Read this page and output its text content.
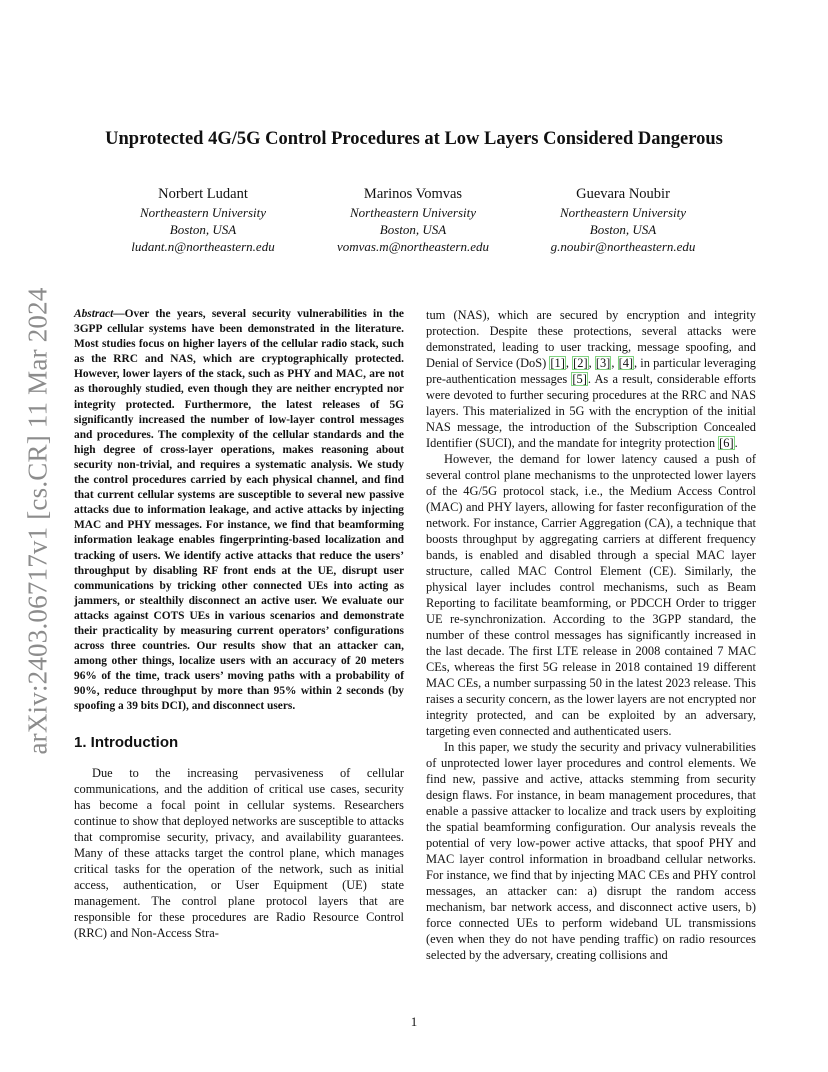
arXiv:2403.06717v1 [cs.CR] 11 Mar 2024
Unprotected 4G/5G Control Procedures at Low Layers Considered Dangerous
Norbert Ludant
Northeastern University
Boston, USA
ludant.n@northeastern.edu
Marinos Vomvas
Northeastern University
Boston, USA
vomvas.m@northeastern.edu
Guevara Noubir
Northeastern University
Boston, USA
g.noubir@northeastern.edu
Abstract—Over the years, several security vulnerabilities in the 3GPP cellular systems have been demonstrated in the literature. Most studies focus on higher layers of the cellular radio stack, such as the RRC and NAS, which are cryptographically protected. However, lower layers of the stack, such as PHY and MAC, are not as thoroughly studied, even though they are neither encrypted nor integrity protected. Furthermore, the latest releases of 5G significantly increased the number of low-layer control messages and procedures. The complexity of the cellular standards and the high degree of cross-layer operations, makes reasoning about security non-trivial, and requires a systematic analysis. We study the control procedures carried by each physical channel, and find that current cellular systems are susceptible to several new passive attacks due to information leakage, and active attacks by injecting MAC and PHY messages. For instance, we find that beamforming information leakage enables fingerprinting-based localization and tracking of users. We identify active attacks that reduce the users’ throughput by disabling RF front ends at the UE, disrupt user communications by tricking other connected UEs into acting as jammers, or stealthily disconnect an active user. We evaluate our attacks against COTS UEs in various scenarios and demonstrate their practicality by measuring current operators’ configurations across three countries. Our results show that an attacker can, among other things, localize users with an accuracy of 20 meters 96% of the time, track users’ moving paths with a probability of 90%, reduce throughput by more than 95% within 2 seconds (by spoofing a 39 bits DCI), and disconnect users.
1. Introduction

Due to the increasing pervasiveness of cellular communications, and the addition of critical use cases, security has become a focal point in cellular systems. Researchers continue to show that deployed networks are susceptible to attacks that compromise security, privacy, and availability guarantees. Many of these attacks target the control plane, which manages critical tasks for the operation of the network, such as initial access, authentication, or User Equipment (UE) state management. The control plane protocol layers that are responsible for these procedures are Radio Resource Control (RRC) and Non-Access Stra-

tum (NAS), which are secured by encryption and integrity protection. Despite these protections, several attacks were demonstrated, leading to user tracking, message spoofing, and Denial of Service (DoS) [1], [2], [3], [4], in particular leveraging pre-authentication messages [5]. As a result, considerable efforts were devoted to further securing procedures at the RRC and NAS layers. This materialized in 5G with the encryption of the initial NAS message, the introduction of the Subscription Concealed Identifier (SUCI), and the mandate for integrity protection [6].

However, the demand for lower latency caused a push of several control plane mechanisms to the unprotected lower layers of the 4G/5G protocol stack, i.e., the Medium Access Control (MAC) and PHY layers, allowing for faster reconfiguration of the network. For instance, Carrier Aggregation (CA), a technique that boosts throughput by aggregating carriers at different frequency bands, is enabled and disabled through a special MAC layer structure, called MAC Control Element (CE). Similarly, the physical layer includes control mechanisms, such as Beam Reporting to facilitate beamforming, or PDCCH Order to trigger UE re-synchronization. According to the 3GPP standard, the number of these control messages has significantly increased in the last decade. The first LTE release in 2008 contained 7 MAC CEs, whereas the first 5G release in 2018 contained 19 different MAC CEs, a number surpassing 50 in the latest 2023 release. This raises a security concern, as the lower layers are not encrypted nor integrity protected, and can be exploited by an adversary, targeting even connected and authenticated users.

In this paper, we study the security and privacy vulnerabilities of unprotected lower layer procedures and control elements. We find new, passive and active, attacks stemming from security design flaws. For instance, in beam management procedures, that enable a passive attacker to localize and track users by exploiting the spatial beamforming configuration. Our analysis reveals the potential of very low-power active attacks, that spoof PHY and MAC layer control information in broadband cellular networks. For instance, we find that by injecting MAC CEs and PHY control messages, an attacker can: a) disrupt the random access mechanism, bar network access, and disconnect active users, b) force connected UEs to perform wideband UL transmissions (even when they do not have pending traffic) on radio resources selected by the adversary, creating collisions and

1
